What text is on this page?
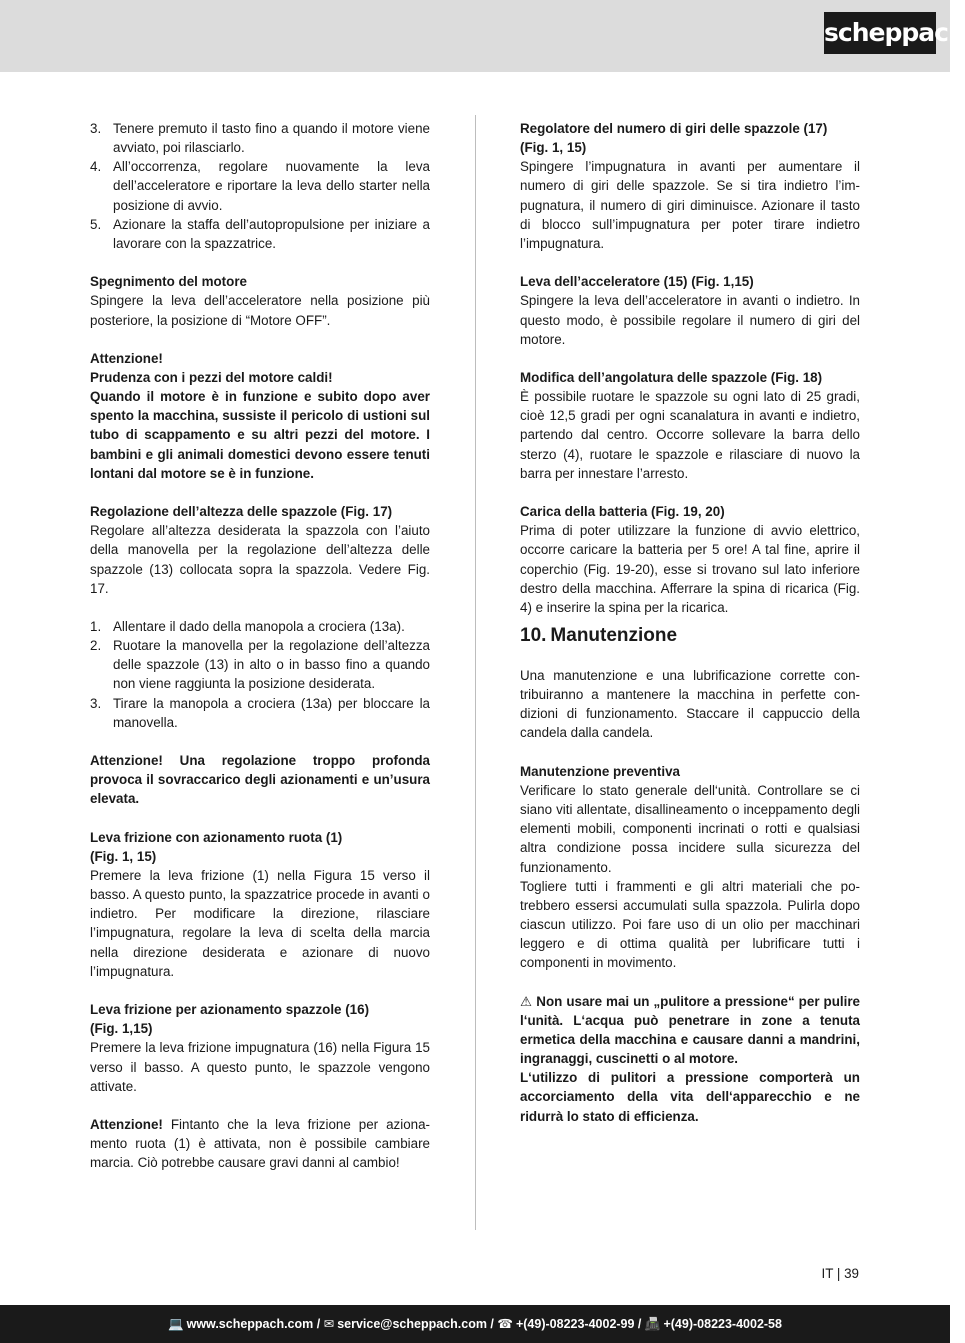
scheppach
3. Tenere premuto il tasto fino a quando il motore viene avviato, poi rilasciarlo.
4. All’occorrenza, regolare nuovamente la leva dell’acceleratore e riportare la leva dello starter nella posizione di avvio.
5. Azionare la staffa dell’autopropulsione per iniziare a lavorare con la spazzatrice.

Spegnimento del motore

Spingere la leva dell’acceleratore nella posizione più posteriore, la posizione di “Motore OFF”.

Attenzione!
Prudenza con i pezzi del motore caldi!
Quando il motore è in funzione e subito dopo aver spento la macchina, sussiste il pericolo di ustioni sul tubo di scappamento e su altri pezzi del motore. I bambini e gli animali domestici devono essere tenuti lontani dal motore se è in funzione.

Regolazione dell’altezza delle spazzole (Fig. 17)

Regolare all’altezza desiderata la spazzola con l’aiuto della manovella per la regolazione dell’altezza delle spazzole (13) collocata sopra la spazzola. Vedere Fig. 17.

1. Allentare il dado della manopola a crociera (13a).
2. Ruotare la manovella per la regolazione dell’altezza delle spazzole (13) in alto o in basso fino a quando non viene raggiunta la posizione desiderata.
3. Tirare la manopola a crociera (13a) per bloccare la manovella.

Attenzione! Una regolazione troppo profonda provoca il sovraccarico degli azionamenti e un’usura elevata.

Leva frizione con azionamento ruota (1)
(Fig. 1, 15)

Premere la leva frizione (1) nella Figura 15 verso il basso. A questo punto, la spazzatrice procede in avanti o indietro. Per modificare la direzione, rilasciare l’impugnatura, regolare la leva di scelta della marcia nella direzione desiderata e azionare di nuovo l’impugnatura.

Leva frizione per azionamento spazzole (16)
(Fig. 1,15)

Premere la leva frizione impugnatura (16) nella Figura 15 verso il basso. A questo punto, le spazzole vengono attivate.

Attenzione! Fintanto che la leva frizione per azionamento ruota (1) è attivata, non è possibile cambiare marcia. Ciò potrebbe causare gravi danni al cambio!

Regolatore del numero di giri delle spazzole (17)
(Fig. 1, 15)

Spingere l’impugnatura in avanti per aumentare il numero di giri delle spazzole. Se si tira indietro l’impugnatura, il numero di giri diminuisce. Azionare il tasto di blocco sull’impugnatura per poter tirare indietro l’impugnatura.

Leva dell’acceleratore (15) (Fig. 1,15)

Spingere la leva dell’acceleratore in avanti o indietro. In questo modo, è possibile regolare il numero di giri del motore.

Modifica dell’angolatura delle spazzole (Fig. 18)

È possibile ruotare le spazzole su ogni lato di 25 gradi, cioè 12,5 gradi per ogni scanalatura in avanti e indietro, partendo dal centro. Occorre sollevare la barra dello sterzo (4), ruotare le spazzole e rilasciare di nuovo la barra per innestare l’arresto.

Carica della batteria (Fig. 19, 20)

Prima di poter utilizzare la funzione di avvio elettrico, occorre caricare la batteria per 5 ore! A tal fine, aprire il coperchio (Fig. 19-20), esse si trovano sul lato inferiore destro della macchina. Afferrare la spina di ricarica (Fig. 4) e inserire la spina per la ricarica.

10. Manutenzione

Una manutenzione e una lubrificazione corrette contribuiranno a mantenere la macchina in perfette condizioni di funzionamento. Staccare il cappuccio della candela dalla candela.

Manutenzione preventiva

Verificare lo stato generale dell‘unità. Controllare se ci siano viti allentate, disallineamento o inceppamento degli elementi mobili, componenti incrinati o rotti e qualsiasi altra condizione possa incidere sulla sicurezza del funzionamento.

Togliere tutti i frammenti e gli altri materiali che potrebbero essersi accumulati sulla spazzola. Pulirla dopo ciascun utilizzo. Poi fare uso di un olio per macchinari leggero e di ottima qualità per lubrificare tutti i componenti in movimento.

⚠ Non usare mai un „pulitore a pressione“ per pulire l‘unità. L‘acqua può penetrare in zone a tenuta ermetica della macchina e causare danni a mandrini, ingranaggi, cuscinetti o al motore.
L‘utilizzo di pulitori a pressione comporterà un accorciamento della vita dell‘apparecchio e ne ridurrà lo stato di efficienza.

IT | 39
💻 www.scheppach.com / ✉ service@scheppach.com / ☎ +(49)-08223-4002-99 / 📠 +(49)-08223-4002-58
